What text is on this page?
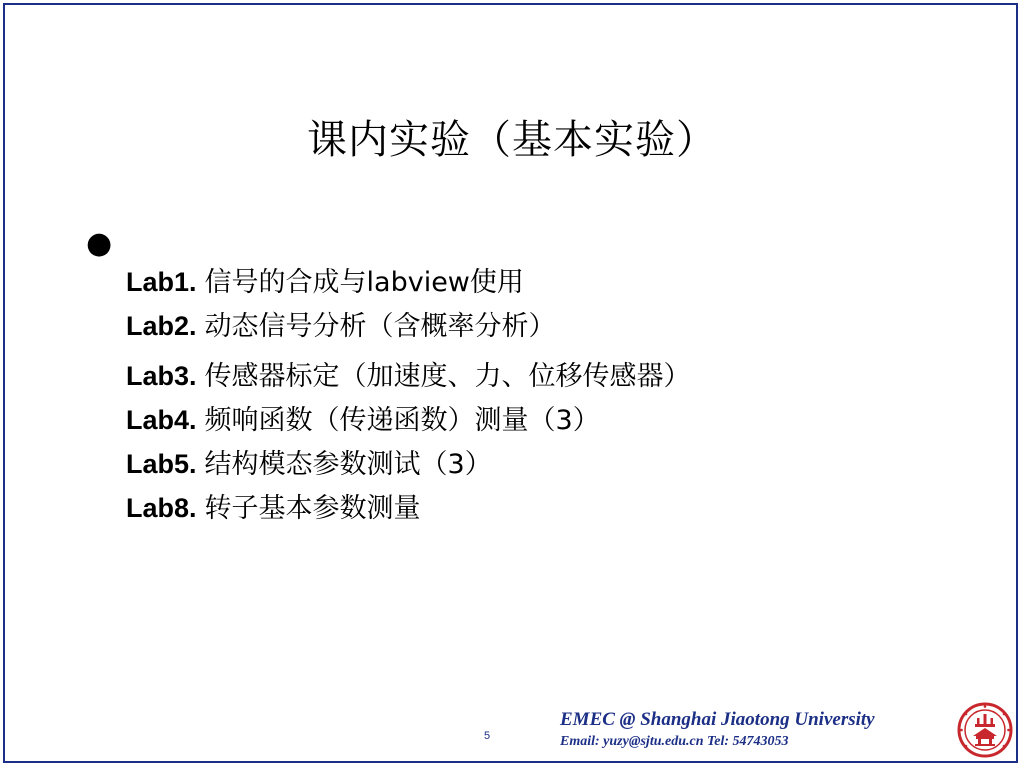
课内实验（基本实验）
●
Lab1. 信号的合成与labview使用
Lab2. 动态信号分析（含概率分析）
Lab3. 传感器标定（加速度、力、位移传感器）
Lab4. 频响函数（传递函数）测量（3）
Lab5. 结构模态参数测试（3）
Lab8. 转子基本参数测量
5
EMEC @ Shanghai Jiaotong University
Email: yuzy@sjtu.edu.cn Tel: 54743053
